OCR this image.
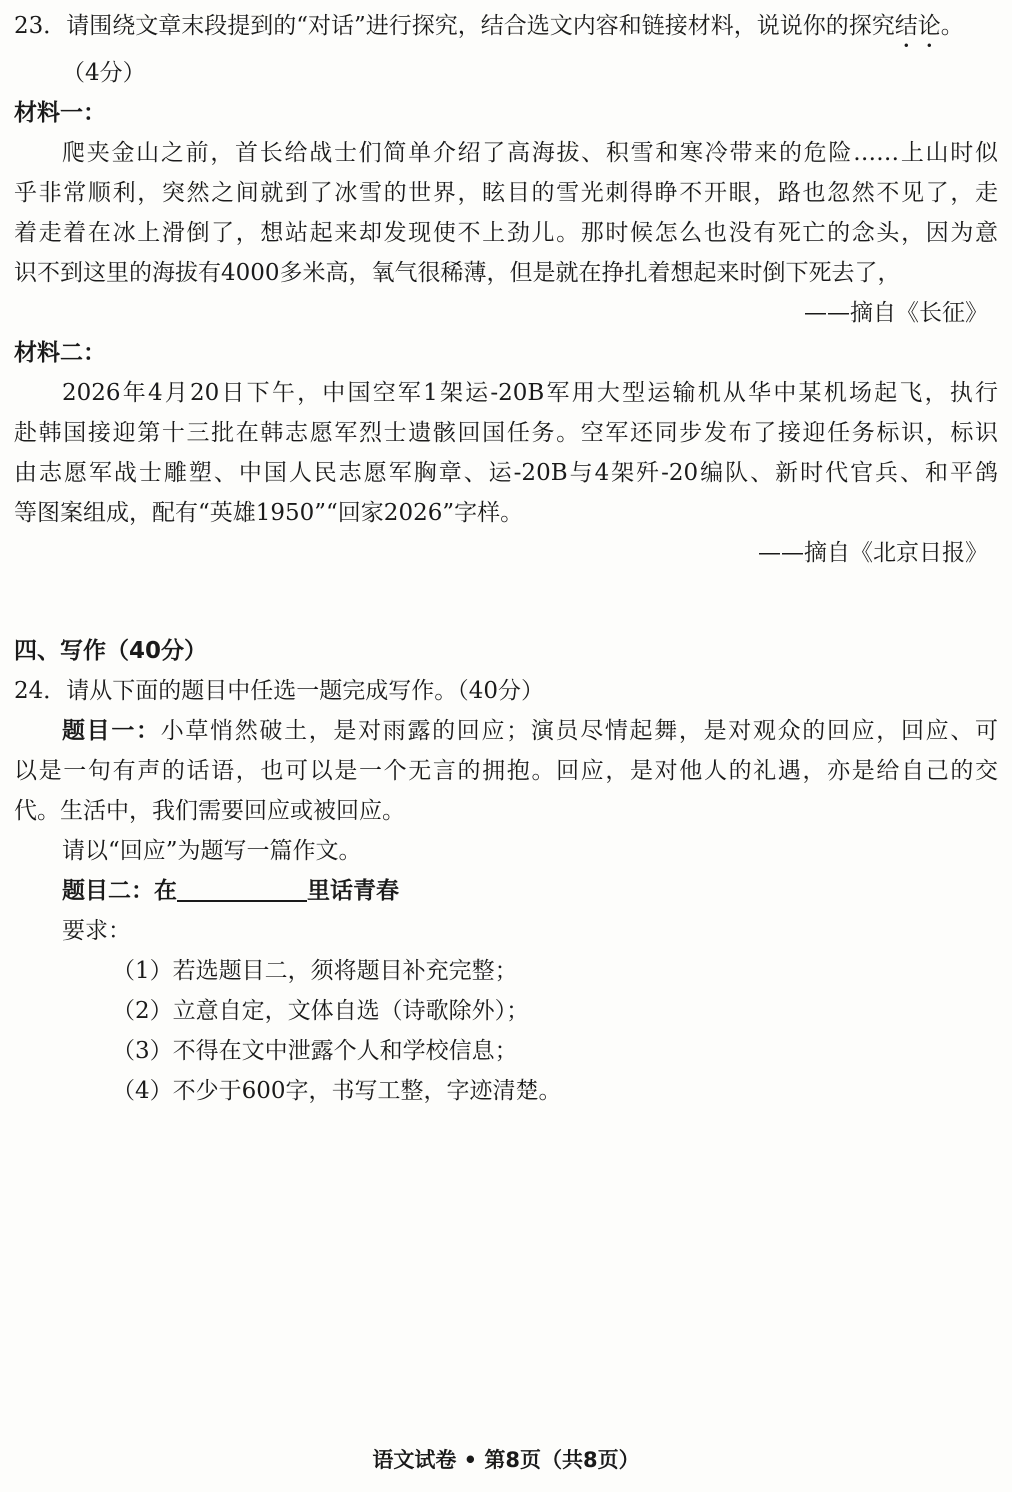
23．请围绕文章末段提到的“对话”进行探究，结合选文内容和链接材料，说说你的探究结论。
（4分）
材料一：
爬夹金山之前，首长给战士们简单介绍了高海拔、积雪和寒冷带来的危险……上山时似
乎非常顺利，突然之间就到了冰雪的世界，眩目的雪光刺得睁不开眼，路也忽然不见了，走
着走着在冰上滑倒了，想站起来却发现使不上劲儿。那时候怎么也没有死亡的念头，因为意
识不到这里的海拔有4000多米高，氧气很稀薄，但是就在挣扎着想起来时倒下死去了，
——摘自《长征》
材料二：
2026年4月20日下午，中国空军1架运-20B军用大型运输机从华中某机场起飞，执行
赴韩国接迎第十三批在韩志愿军烈士遗骸回国任务。空军还同步发布了接迎任务标识，标识
由志愿军战士雕塑、中国人民志愿军胸章、运-20B与4架歼-20编队、新时代官兵、和平鸽
等图案组成，配有“英雄1950”“回家2026”字样。
——摘自《北京日报》
四、写作（40分）
24．请从下面的题目中任选一题完成写作。（40分）
题目一：小草悄然破土，是对雨露的回应；演员尽情起舞，是对观众的回应，回应、可
以是一句有声的话语，也可以是一个无言的拥抱。回应，是对他人的礼遇，亦是给自己的交
代。生活中，我们需要回应或被回应。
请以“回应”为题写一篇作文。
题目二：在	里话青春
要求：
（1）若选题目二，须将题目补充完整；
（2）立意自定，文体自选（诗歌除外）；
（3）不得在文中泄露个人和学校信息；
（4）不少于600字，书写工整，字迹清楚。
语文试卷 • 第8页（共8页）
